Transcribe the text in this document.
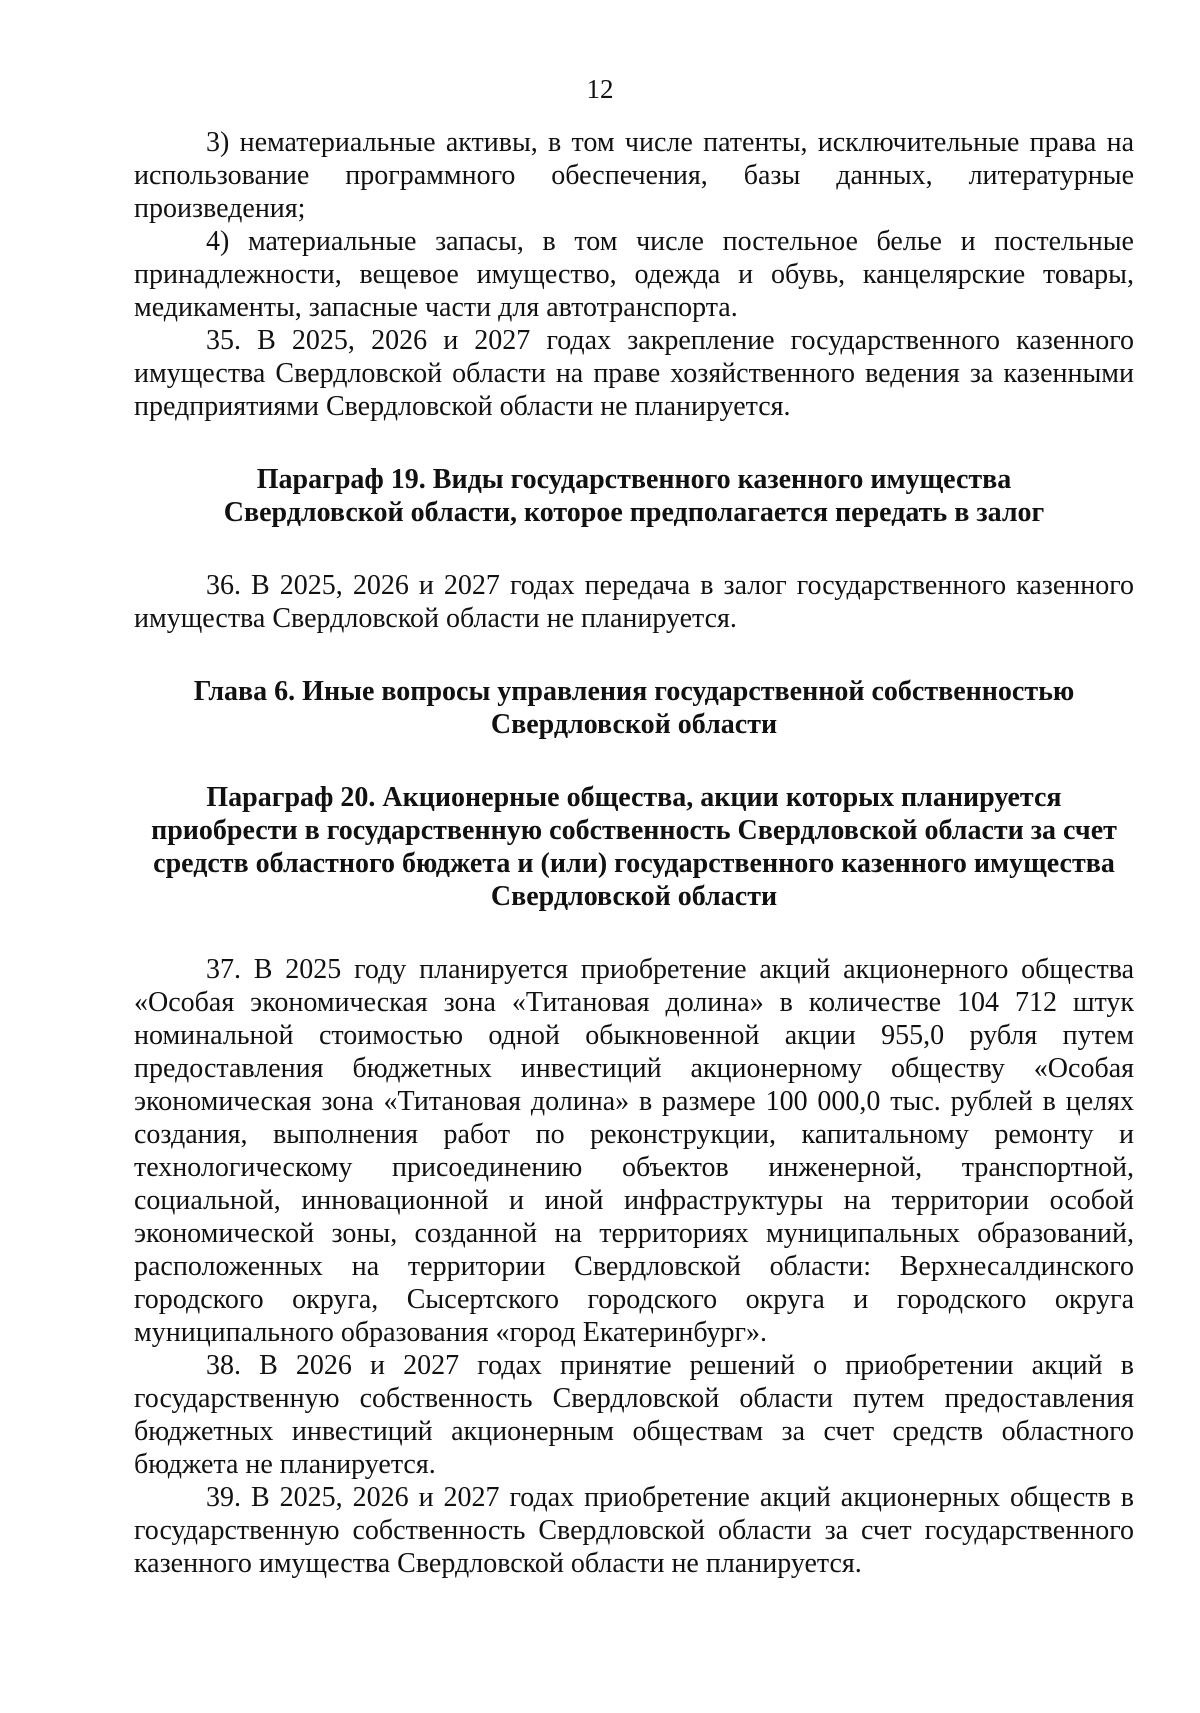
12

3) нематериальные активы, в том числе патенты, исключительные права на использование программного обеспечения, базы данных, литературные произведения;

4) материальные запасы, в том числе постельное белье и постельные принадлежности, вещевое имущество, одежда и обувь, канцелярские товары, медикаменты, запасные части для автотранспорта.

35. В 2025, 2026 и 2027 годах закрепление государственного казенного имущества Свердловской области на праве хозяйственного ведения за казенными предприятиями Свердловской области не планируется.

Параграф 19. Виды государственного казенного имущества
Свердловской области, которое предполагается передать в залог

36. В 2025, 2026 и 2027 годах передача в залог государственного казенного имущества Свердловской области не планируется.

Глава 6. Иные вопросы управления государственной собственностью
Свердловской области
Параграф 20. Акционерные общества, акции которых планируется
приобрести в государственную собственность Свердловской области за счет
средств областного бюджета и (или) государственного казенного имущества
Свердловской области

37. В 2025 году планируется приобретение акций акционерного общества «Особая экономическая зона «Титановая долина» в количестве 104 712 штук номинальной стоимостью одной обыкновенной акции 955,0 рубля путем предоставления бюджетных инвестиций акционерному обществу «Особая экономическая зона «Титановая долина» в размере 100 000,0 тыс. рублей в целях создания, выполнения работ по реконструкции, капитальному ремонту и технологическому присоединению объектов инженерной, транспортной, социальной, инновационной и иной инфраструктуры на территории особой экономической зоны, созданной на территориях муниципальных образований, расположенных на территории Свердловской области: Верхнесалдинского городского округа, Сысертского городского округа и городского округа муниципального образования «город Екатеринбург».

38. В 2026 и 2027 годах принятие решений о приобретении акций в государственную собственность Свердловской области путем предоставления бюджетных инвестиций акционерным обществам за счет средств областного бюджета не планируется.

39. В 2025, 2026 и 2027 годах приобретение акций акционерных обществ в государственную собственность Свердловской области за счет государственного казенного имущества Свердловской области не планируется.
